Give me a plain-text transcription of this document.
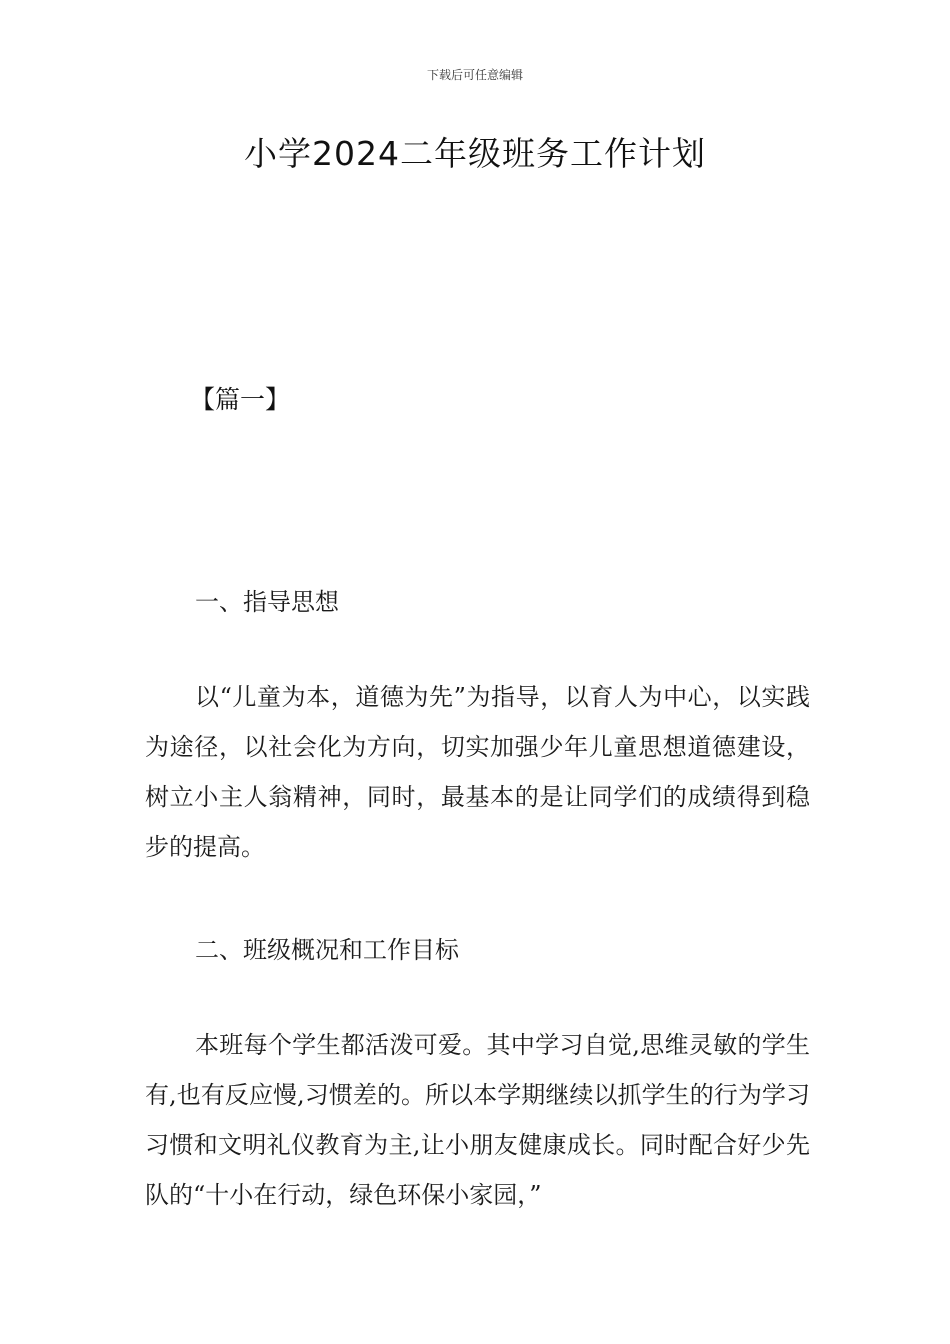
下载后可任意编辑
小学2024二年级班务工作计划
【篇一】
一、指导思想
以“儿童为本，道德为先”为指导，以育人为中心，以实践为途径，以社会化为方向，切实加强少年儿童思想道德建设，树立小主人翁精神，同时，最基本的是让同学们的成绩得到稳步的提高。
二、班级概况和工作目标
本班每个学生都活泼可爱。其中学习自觉,思维灵敏的学生有,也有反应慢,习惯差的。所以本学期继续以抓学生的行为学习习惯和文明礼仪教育为主,让小朋友健康成长。同时配合好少先队的“十小在行动，绿色环保小家园，”
